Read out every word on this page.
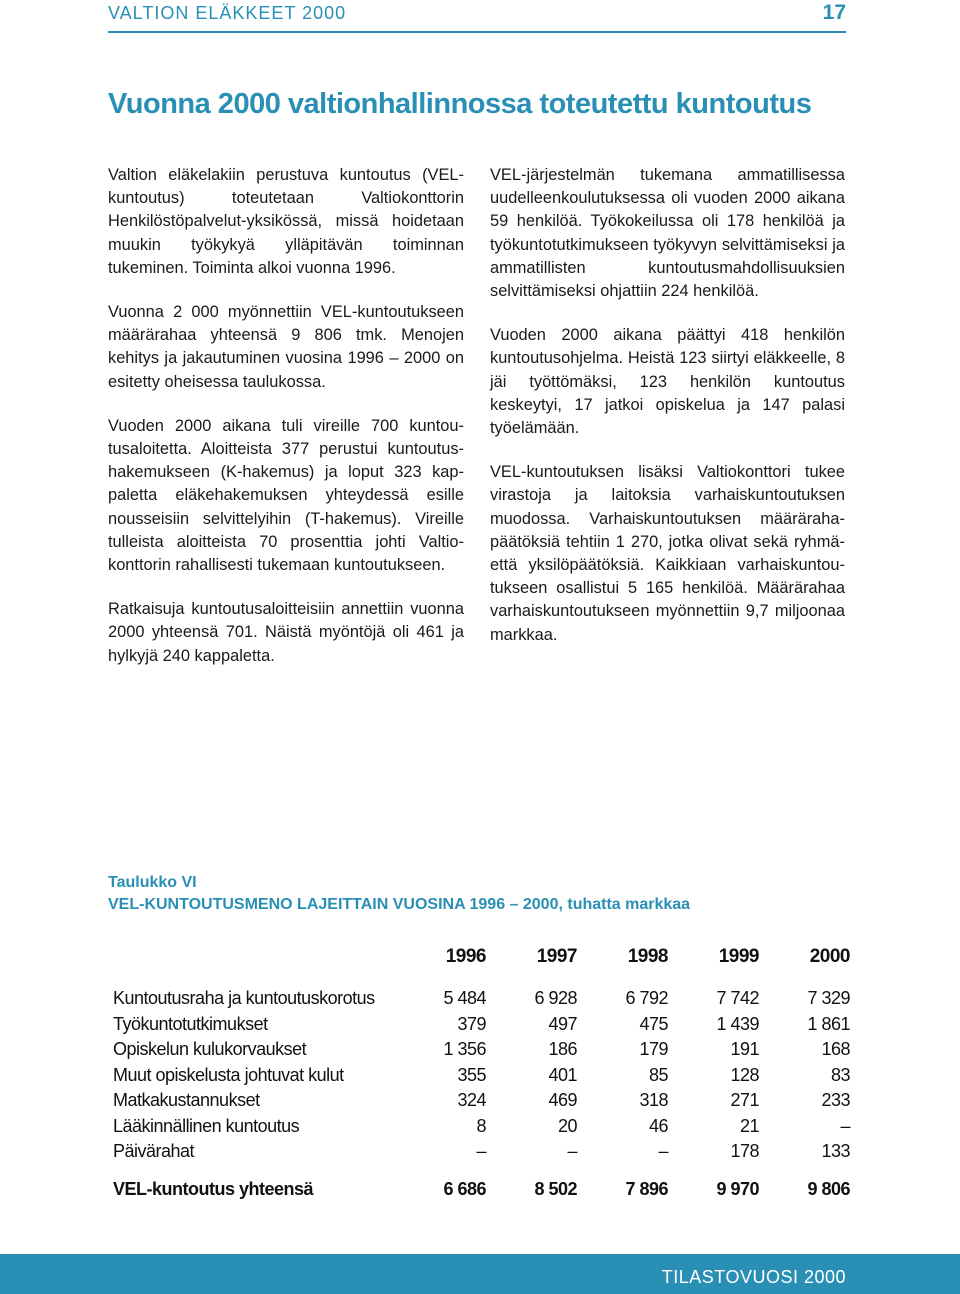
VALTION ELÄKKEET 2000	17
Vuonna 2000 valtionhallinnossa toteutettu kuntoutus

Valtion eläkelakiin perustuva kuntoutus (VEL-kuntoutus) toteutetaan Valtiokonttorin Henkilöstöpalvelut-yksikössä, missä hoidetaan muukin työkykyä ylläpitävän toiminnan tukeminen. Toiminta alkoi vuonna 1996.

Vuonna 2 000 myönnettiin VEL-kuntoutukseen määrärahaa yhteensä 9 806 tmk. Menojen kehitys ja jakautuminen vuosina 1996 – 2000 on esitetty oheisessa taulukossa.

Vuoden 2000 aikana tuli vireille 700 kuntoutusaloitetta. Aloitteista 377 perustui kuntoutushakemukseen (K-hakemus) ja loput 323 kappaletta eläkehakemuksen yhteydessä esille nousseisiin selvittelyihin (T-hakemus). Vireille tulleista aloitteista 70 prosenttia johti Valtiokonttorin rahallisesti tukemaan kuntoutukseen.

Ratkaisuja kuntoutusaloitteisiin annettiin vuonna 2000 yhteensä 701. Näistä myöntöjä oli 461 ja hylkyjä 240 kappaletta.

VEL-järjestelmän tukemana ammatillisessa uudelleenkoulutuksessa oli vuoden 2000 aikana 59 henkilöä. Työkokeilussa oli 178 henkilöä ja työkuntotutkimukseen työkyvyn selvittämiseksi ja ammatillisten kuntoutusmahdollisuuksien selvittämiseksi ohjattiin 224 henkilöä.

Vuoden 2000 aikana päättyi 418 henkilön kuntoutusohjelma. Heistä 123 siirtyi eläkkeelle, 8 jäi työttömäksi, 123 henkilön kuntoutus keskeytyi, 17 jatkoi opiskelua ja 147 palasi työelämään.

VEL-kuntoutuksen lisäksi Valtiokonttori tukee virastoja ja laitoksia varhaiskuntoutuksen muodossa. Varhaiskuntoutuksen määrärahapäätöksiä tehtiin 1 270, jotka olivat sekä ryhmäettä yksilöpäätöksiä. Kaikkiaan varhaiskuntoutukseen osallistui 5 165 henkilöä. Määrärahaa varhaiskuntoutukseen myönnettiin 9,7 miljoonaa markkaa.

Taulukko VI
VEL-KUNTOUTUSMENO LAJEITTAIN VUOSINA 1996 – 2000, tuhatta markkaa
	1996	1997	1998	1999	2000

Kuntoutusraha ja kuntoutuskorotus	5 484	6 928	6 792	7 742	7 329
Työkuntotutkimukset	379	497	475	1 439	1 861
Opiskelun kulukorvaukset	1 356	186	179	191	168
Muut opiskelusta johtuvat kulut	355	401	85	128	83
Matkakustannukset	324	469	318	271	233
Lääkinnällinen kuntoutus	8	20	46	21	–
Päivärahat	–	–	–	178	133

VEL-kuntoutus yhteensä	6 686	8 502	7 896	9 970	9 806
TILASTOVUOSI 2000
